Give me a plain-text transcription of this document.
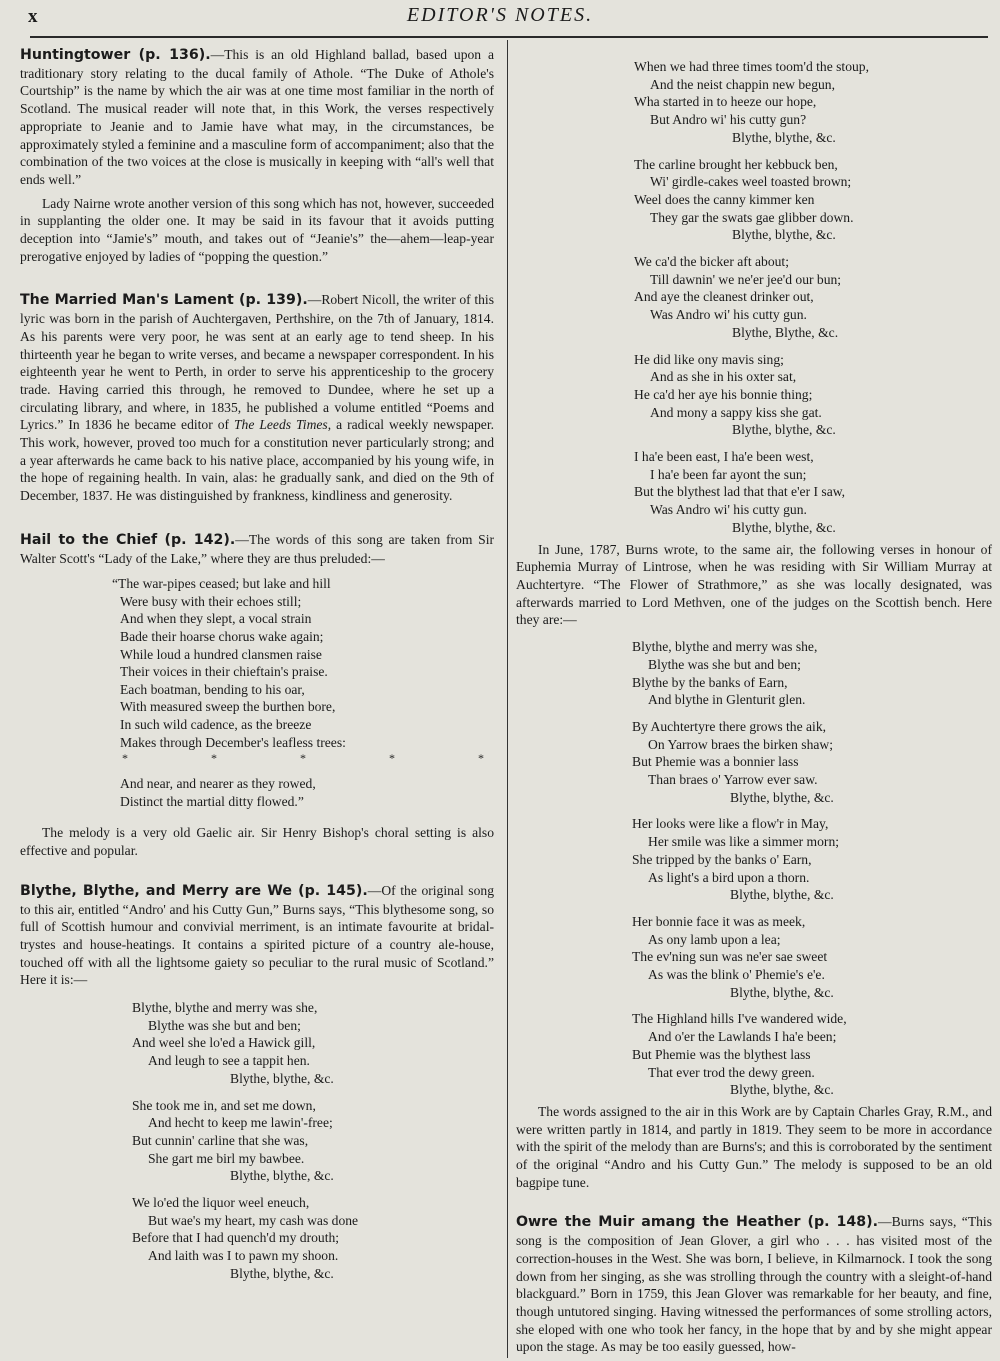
x	EDITOR'S NOTES.

Huntingtower (p. 136).—This is an old Highland ballad, based upon a traditionary story relating to the ducal family of Athole. “The Duke of Athole's Courtship” is the name by which the air was at one time most familiar in the north of Scotland. The musical reader will note that, in this Work, the verses respectively appropriate to Jeanie and to Jamie have what may, in the circumstances, be approximately styled a feminine and a masculine form of accompaniment; also that the combination of the two voices at the close is musically in keeping with “all's well that ends well.”

Lady Nairne wrote another version of this song which has not, however, succeeded in supplanting the older one. It may be said in its favour that it avoids putting deception into “Jamie's” mouth, and takes out of “Jeanie's” the—ahem—leap-year prerogative enjoyed by ladies of “popping the question.”

The Married Man's Lament (p. 139).—Robert Nicoll, the writer of this lyric was born in the parish of Auchtergaven, Perthshire, on the 7th of January, 1814. As his parents were very poor, he was sent at an early age to tend sheep. In his thirteenth year he began to write verses, and became a newspaper correspondent. In his eighteenth year he went to Perth, in order to serve his apprenticeship to the grocery trade. Having carried this through, he removed to Dundee, where he set up a circulating library, and where, in 1835, he published a volume entitled “Poems and Lyrics.” In 1836 he became editor of The Leeds Times, a radical weekly newspaper. This work, however, proved too much for a constitution never particularly strong; and a year afterwards he came back to his native place, accompanied by his young wife, in the hope of regaining health. In vain, alas: he gradually sank, and died on the 9th of December, 1837. He was distinguished by frankness, kindliness and generosity.

Hail to the Chief (p. 142).—The words of this song are taken from Sir Walter Scott's “Lady of the Lake,” where they are thus preluded:—

“The war-pipes ceased; but lake and hill
Were busy with their echoes still;
And when they slept, a vocal strain
Bade their hoarse chorus wake again;
While loud a hundred clansmen raise
Their voices in their chieftain's praise.
Each boatman, bending to his oar,
With measured sweep the burthen bore,
In such wild cadence, as the breeze
Makes through December's leafless trees:
* * * * *
And near, and nearer as they rowed,
Distinct the martial ditty flowed.”

The melody is a very old Gaelic air. Sir Henry Bishop's choral setting is also effective and popular.

Blythe, Blythe, and Merry are We (p. 145).—Of the original song to this air, entitled “Andro' and his Cutty Gun,” Burns says, “This blythesome song, so full of Scottish humour and convivial merriment, is an intimate favourite at bridal-trystes and house-heatings. It contains a spirited picture of a country ale-house, touched off with all the lightsome gaiety so peculiar to the rural music of Scotland.” Here it is:—

Blythe, blythe and merry was she,
Blythe was she but and ben;
And weel she lo'ed a Hawick gill,
And leugh to see a tappit hen.
Blythe, blythe, &c.
She took me in, and set me down,
And hecht to keep me lawin'-free;
But cunnin' carline that she was,
She gart me birl my bawbee.
Blythe, blythe, &c.
We lo'ed the liquor weel eneuch,
But wae's my heart, my cash was done
Before that I had quench'd my drouth;
And laith was I to pawn my shoon.
Blythe, blythe, &c.
When we had three times toom'd the stoup,
And the neist chappin new begun,
Wha started in to heeze our hope,
But Andro wi' his cutty gun?
Blythe, blythe, &c.
The carline brought her kebbuck ben,
Wi' girdle-cakes weel toasted brown;
Weel does the canny kimmer ken
They gar the swats gae glibber down.
Blythe, blythe, &c.
We ca'd the bicker aft about;
Till dawnin' we ne'er jee'd our bun;
And aye the cleanest drinker out,
Was Andro wi' his cutty gun.
Blythe, Blythe, &c.
He did like ony mavis sing;
And as she in his oxter sat,
He ca'd her aye his bonnie thing;
And mony a sappy kiss she gat.
Blythe, blythe, &c.
I ha'e been east, I ha'e been west,
I ha'e been far ayont the sun;
But the blythest lad that that e'er I saw,
Was Andro wi' his cutty gun.
Blythe, blythe, &c.

In June, 1787, Burns wrote, to the same air, the following verses in honour of Euphemia Murray of Lintrose, when he was residing with Sir William Murray at Auchtertyre. “The Flower of Strathmore,” as she was locally designated, was afterwards married to Lord Methven, one of the judges on the Scottish bench. Here they are:—

Blythe, blythe and merry was she,
Blythe was she but and ben;
Blythe by the banks of Earn,
And blythe in Glenturit glen.
By Auchtertyre there grows the aik,
On Yarrow braes the birken shaw;
But Phemie was a bonnier lass
Than braes o' Yarrow ever saw.
Blythe, blythe, &c.
Her looks were like a flow'r in May,
Her smile was like a simmer morn;
She tripped by the banks o' Earn,
As light's a bird upon a thorn.
Blythe, blythe, &c.
Her bonnie face it was as meek,
As ony lamb upon a lea;
The ev'ning sun was ne'er sae sweet
As was the blink o' Phemie's e'e.
Blythe, blythe, &c.
The Highland hills I've wandered wide,
And o'er the Lawlands I ha'e been;
But Phemie was the blythest lass
That ever trod the dewy green.
Blythe, blythe, &c.

The words assigned to the air in this Work are by Captain Charles Gray, R.M., and were written partly in 1814, and partly in 1819. They seem to be more in accordance with the spirit of the melody than are Burns's; and this is corroborated by the sentiment of the original “Andro and his Cutty Gun.” The melody is supposed to be an old bagpipe tune.

Owre the Muir amang the Heather (p. 148).—Burns says, “This song is the composition of Jean Glover, a girl who . . . has visited most of the correction-houses in the West. She was born, I believe, in Kilmarnock. I took the song down from her singing, as she was strolling through the country with a sleight-of-hand blackguard.” Born in 1759, this Jean Glover was remarkable for her beauty, and fine, though untutored singing. Having witnessed the performances of some strolling actors, she eloped with one who took her fancy, in the hope that by and by she might appear upon the stage. As may be too easily guessed, how-
